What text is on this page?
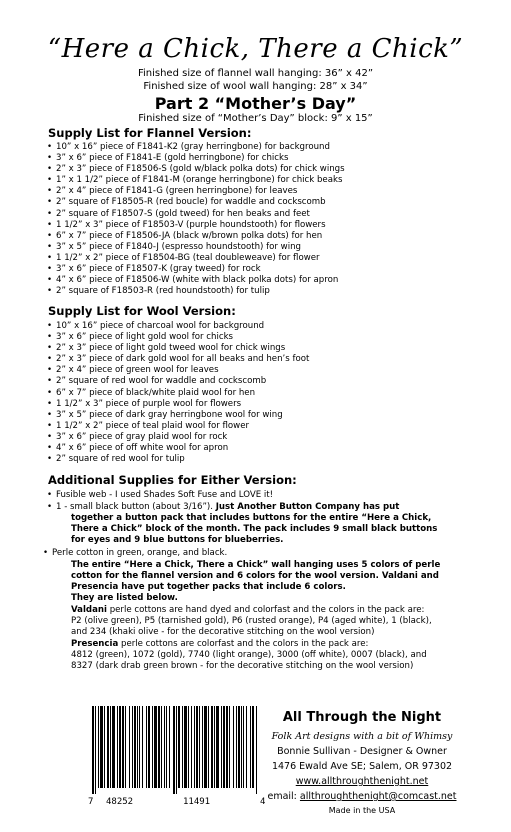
“Here a Chick, There a Chick”
Finished size of flannel wall hanging: 36” x 42”
Finished size of wool wall hanging: 28” x 34”
Part 2 “Mother’s Day”
Finished size of “Mother’s Day” block: 9” x 15”
Supply List for Flannel Version:
• 10” x 16” piece of F1841-K2 (gray herringbone) for background
• 3” x 6” piece of F1841-E (gold herringbone) for chicks
• 2” x 3” piece of F18506-S (gold w/black polka dots) for chick wings
• 1” x 1 1/2” piece of F1841-M (orange herringbone) for chick beaks
• 2” x 4” piece of F1841-G (green herringbone) for leaves
• 2” square of F18505-R (red boucle) for waddle and cockscomb
• 2” square of F18507-S (gold tweed) for hen beaks and feet
• 1 1/2” x 3” piece of F18503-V (purple houndstooth) for flowers
• 6” x 7” piece of F18506-JA (black w/brown polka dots) for hen
• 3” x 5” piece of F1840-J (espresso houndstooth) for wing
• 1 1/2” x 2” piece of F18504-BG (teal doubleweave) for flower
• 3” x 6” piece of F18507-K (gray tweed) for rock
• 4” x 6” piece of F18506-W (white with black polka dots) for apron
• 2” square of F18503-R (red houndstooth) for tulip
Supply List for Wool Version:
• 10” x 16” piece of charcoal wool for background
• 3” x 6” piece of light gold wool for chicks
• 2” x 3” piece of light gold tweed wool for chick wings
• 2” x 3” piece of dark gold wool for all beaks and hen’s foot
• 2” x 4” piece of green wool for leaves
• 2” square of red wool for waddle and cockscomb
• 6” x 7” piece of black/white plaid wool for hen
• 1 1/2” x 3” piece of purple wool for flowers
• 3” x 5” piece of dark gray herringbone wool for wing
• 1 1/2” x 2” piece of teal plaid wool for flower
• 3” x 6” piece of gray plaid wool for rock
• 4” x 6” piece of off white wool for apron
• 2” square of red wool for tulip
Additional Supplies for Either Version:
• Fusible web - I used Shades Soft Fuse and LOVE it!
• 1 - small black button (about 3/16”). Just Another Button Company has put
together a button pack that includes buttons for the entire “Here a Chick,
There a Chick” block of the month. The pack includes 9 small black buttons
for eyes and 9 blue buttons for blueberries.
• Perle cotton in green, orange, and black.
The entire “Here a Chick, There a Chick” wall hanging uses 5 colors of perle
cotton for the flannel version and 6 colors for the wool version. Valdani and
Presencia have put together packs that include 6 colors.
They are listed below.
Valdani perle cottons are hand dyed and colorfast and the colors in the pack are:
P2 (olive green), P5 (tarnished gold), P6 (rusted orange), P4 (aged white), 1 (black),
and 234 (khaki olive - for the decorative stitching on the wool version)
Presencia perle cottons are colorfast and the colors in the pack are:
4812 (green), 1072 (gold), 7740 (light orange), 3000 (off white), 0007 (black), and
8327 (dark drab green brown - for the decorative stitching on the wool version)
7 48252	11491	4
All Through the Night
Folk Art designs with a bit of Whimsy
Bonnie Sullivan - Designer & Owner
1476 Ewald Ave SE; Salem, OR 97302
www.allthroughthenight.net
email: allthroughthenight@comcast.net
Made in the USA
